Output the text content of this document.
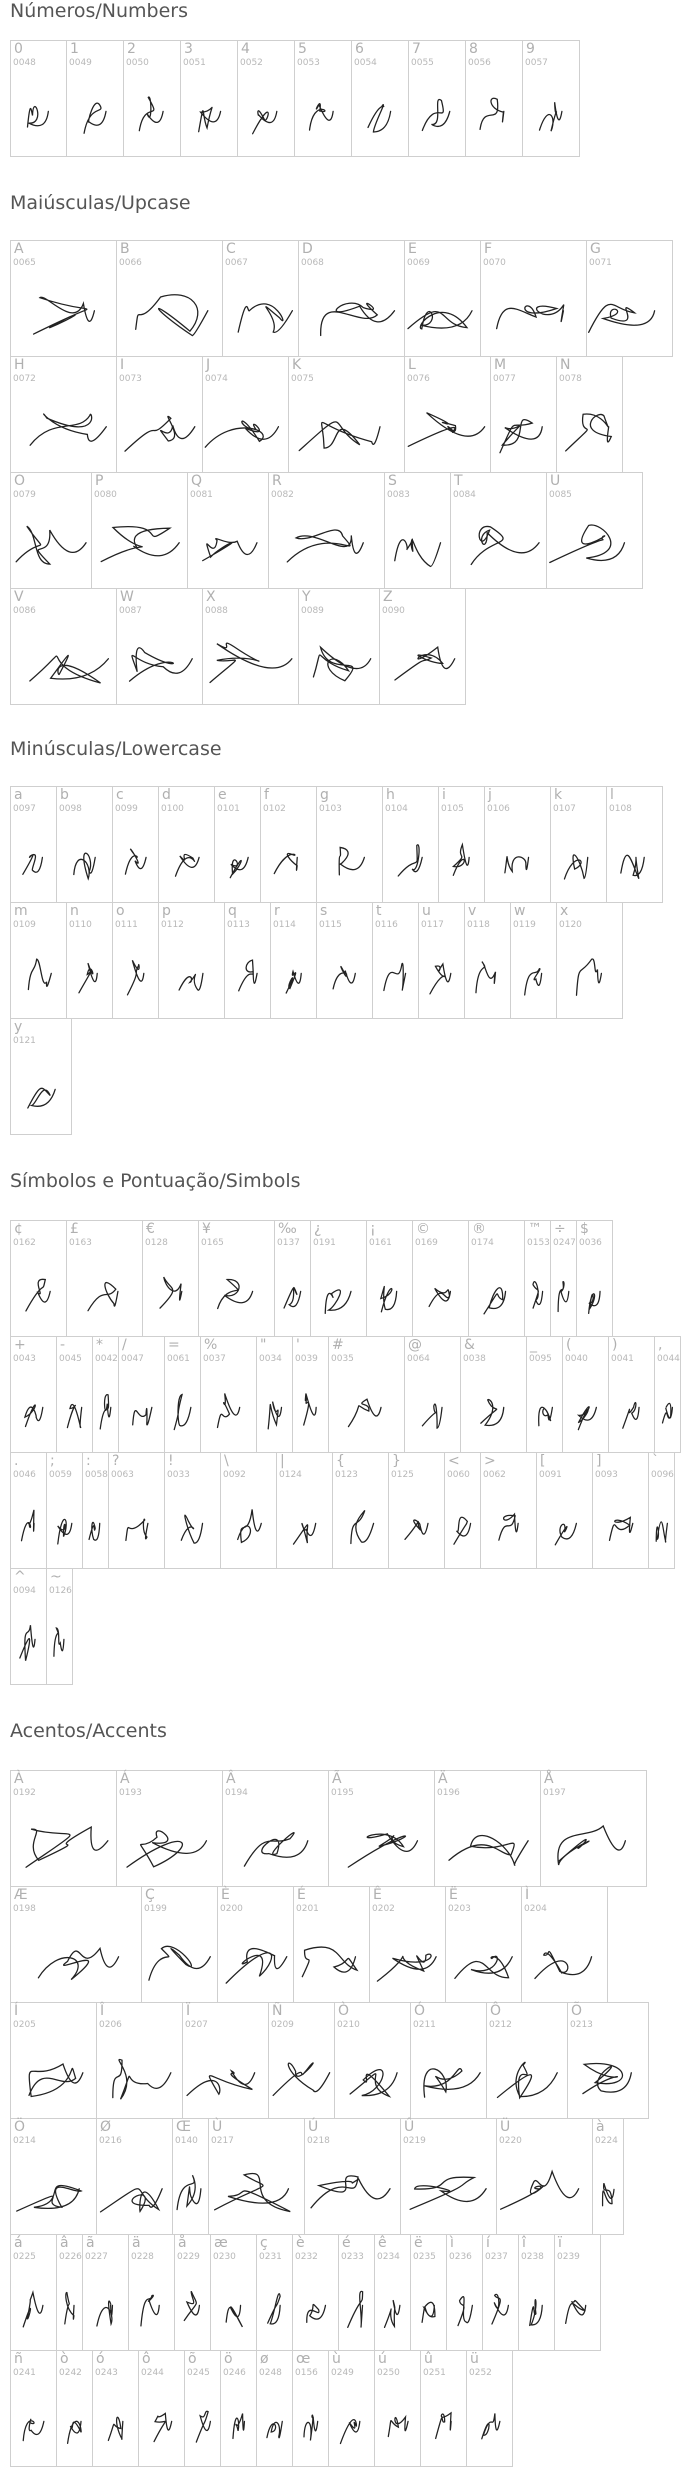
Números/Numbers
0
0048
1
0049
2
0050
3
0051
4
0052
5
0053
6
0054
7
0055
8
0056
9
0057
Maiúsculas/Upcase
A
0065
B
0066
C
0067
D
0068
E
0069
F
0070
G
0071
H
0072
I
0073
J
0074
K
0075
L
0076
M
0077
N
0078
O
0079
P
0080
Q
0081
R
0082
S
0083
T
0084
U
0085
V
0086
W
0087
X
0088
Y
0089
Z
0090
Minúsculas/Lowercase
a
0097
b
0098
c
0099
d
0100
e
0101
f
0102
g
0103
h
0104
i
0105
j
0106
k
0107
l
0108
m
0109
n
0110
o
0111
p
0112
q
0113
r
0114
s
0115
t
0116
u
0117
v
0118
w
0119
x
0120
y
0121
Símbolos e Pontuação/Simbols
¢
0162
£
0163
€
0128
¥
0165
‰
0137
¿
0191
¡
0161
©
0169
®
0174
™
0153
÷
0247
$
0036
+
0043
-
0045
*
0042
/
0047
=
0061
%
0037
"
0034
'
0039
#
0035
@
0064
&
0038
_
0095
(
0040
)
0041
,
0044
.
0046
;
0059
:
0058
?
0063
!
0033
\
0092
|
0124
{
0123
}
0125
<
0060
>
0062
[
0091
]
0093
`
0096
^
0094
~
0126
Acentos/Accents
À
0192
Á
0193
Â
0194
Ã
0195
Ä
0196
Å
0197
Æ
0198
Ç
0199
È
0200
É
0201
Ê
0202
Ë
0203
Ì
0204
Í
0205
Î
0206
Ï
0207
Ñ
0209
Ò
0210
Ó
0211
Ô
0212
Õ
0213
Ö
0214
Ø
0216
Œ
0140
Ù
0217
Ú
0218
Û
0219
Ü
0220
à
0224
á
0225
â
0226
ã
0227
ä
0228
å
0229
æ
0230
ç
0231
è
0232
é
0233
ê
0234
ë
0235
ì
0236
í
0237
î
0238
ï
0239
ñ
0241
ò
0242
ó
0243
ô
0244
õ
0245
ö
0246
ø
0248
œ
0156
ù
0249
ú
0250
û
0251
ü
0252
